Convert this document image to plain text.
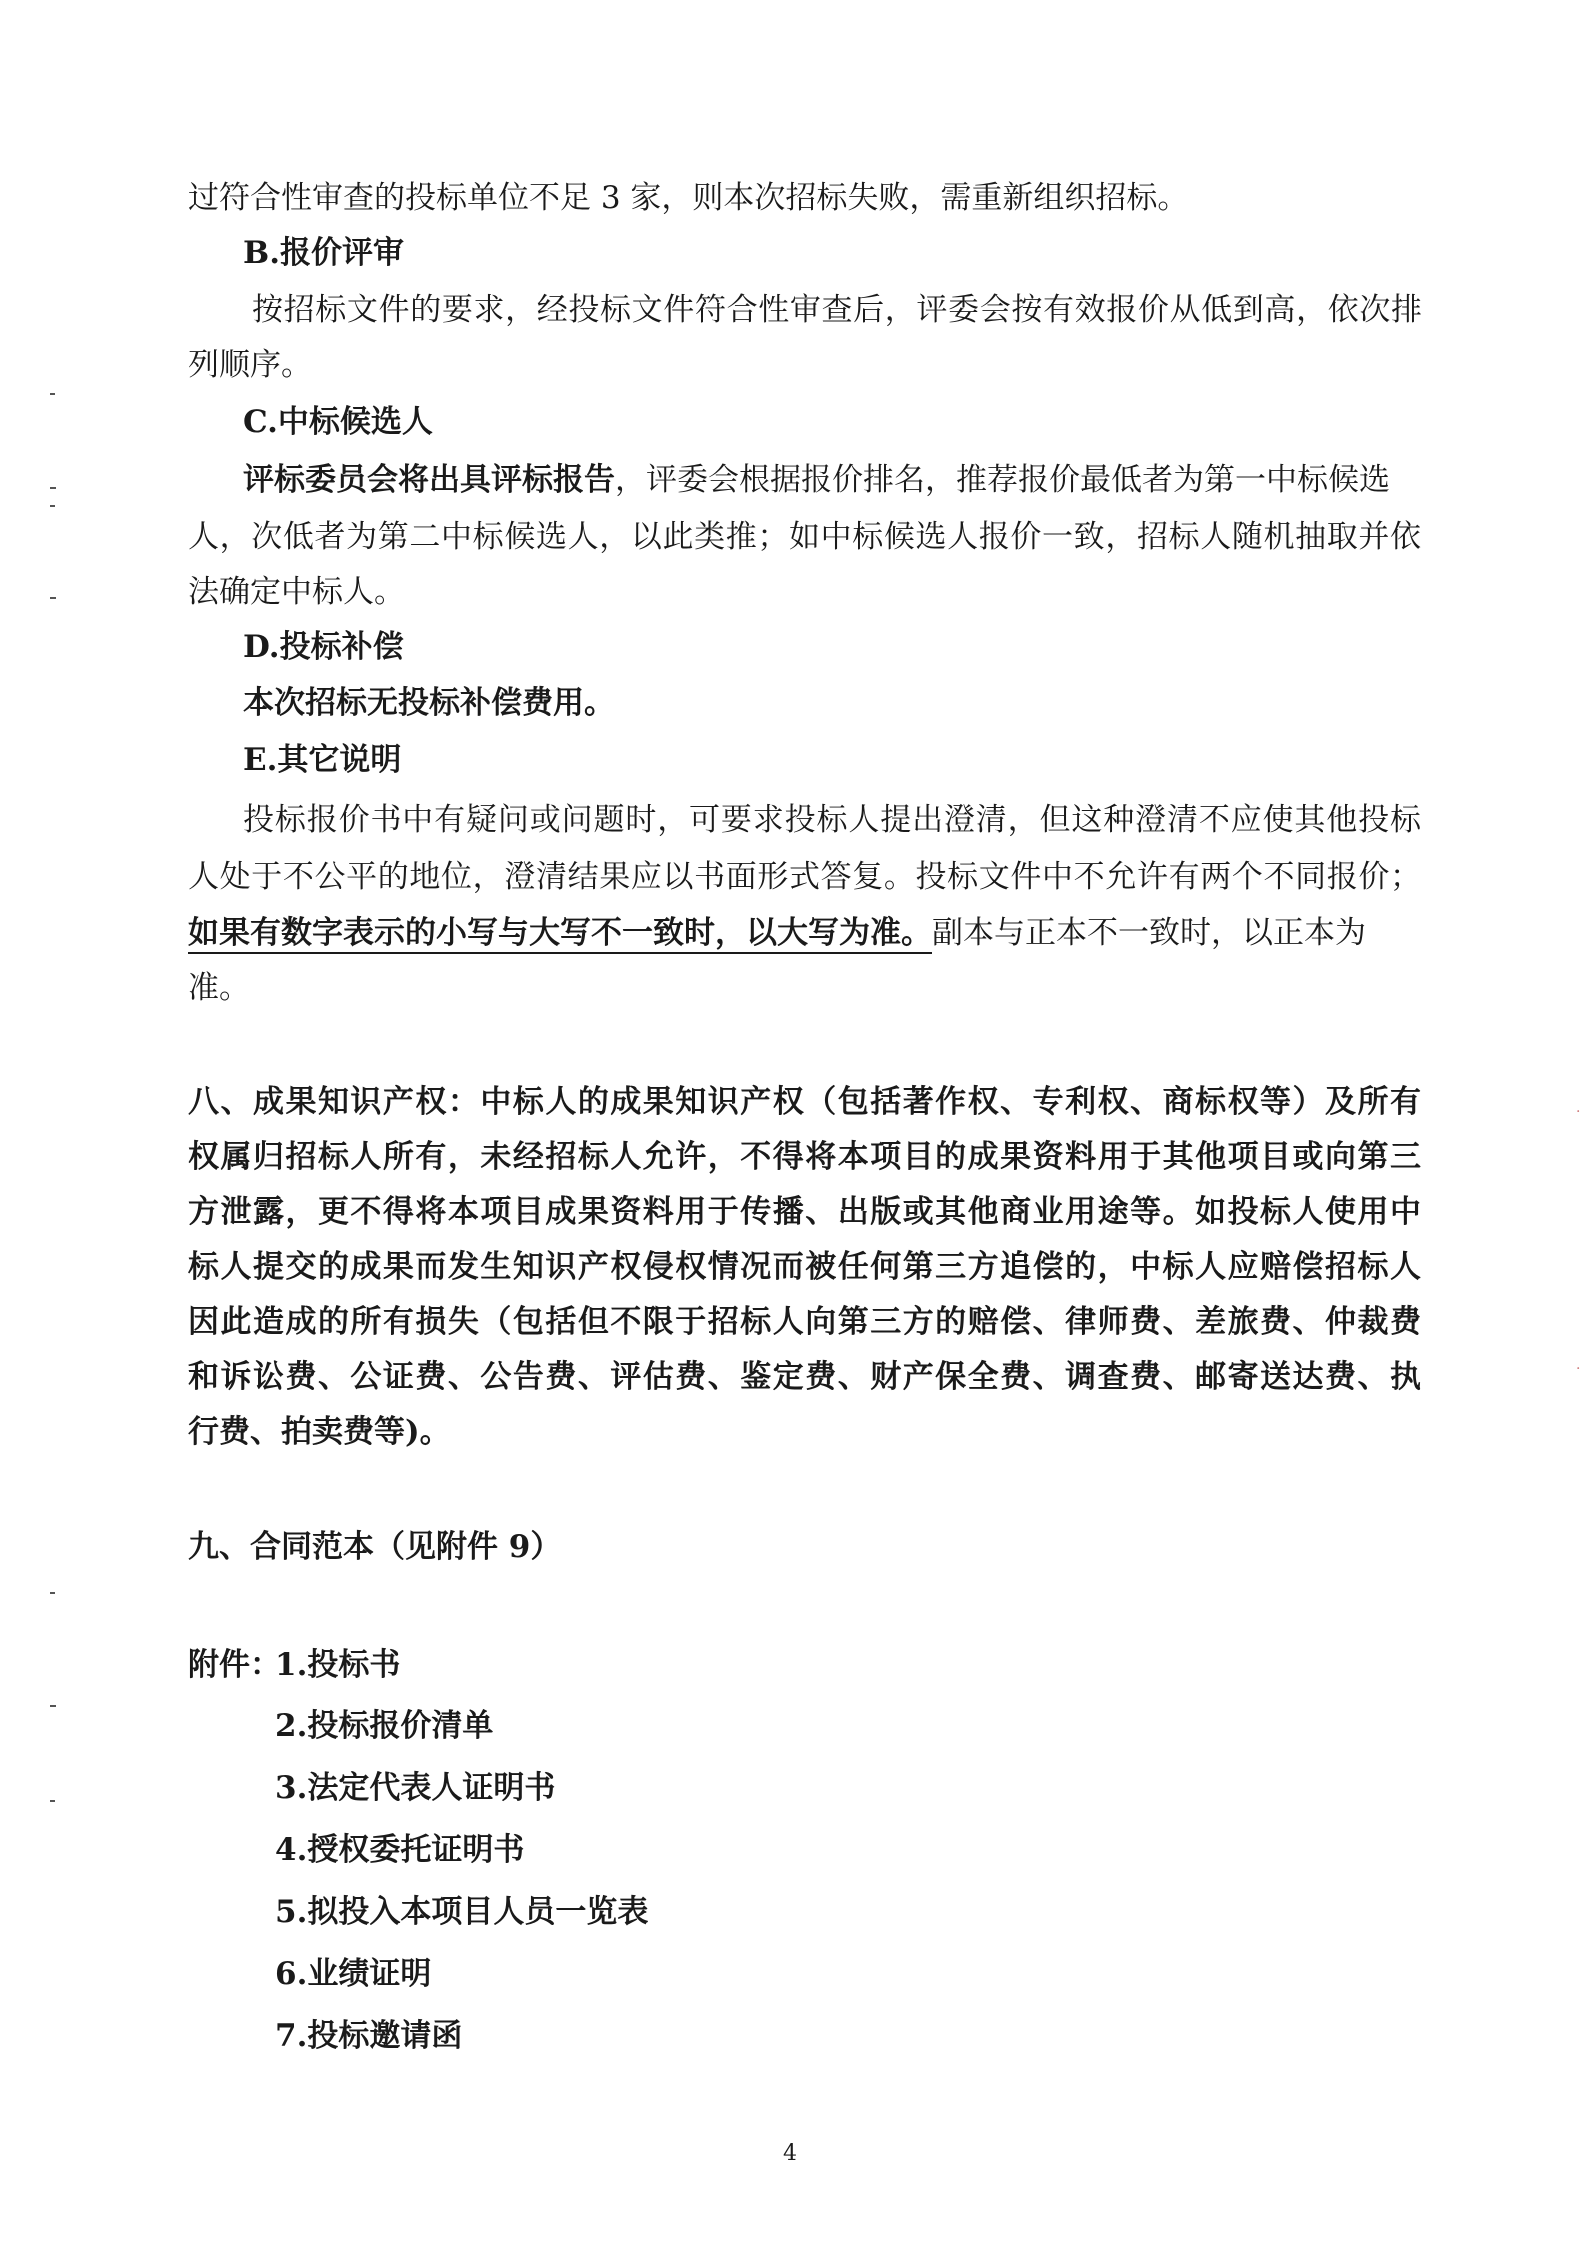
过符合性审查的投标单位不足 3 家，则本次招标失败，需重新组织招标。
B.报价评审
按招标文件的要求，经投标文件符合性审查后，评委会按有效报价从低到高，依次排
列顺序。
C.中标候选人
评标委员会将出具评标报告，评委会根据报价排名，推荐报价最低者为第一中标候选
人，次低者为第二中标候选人，以此类推；如中标候选人报价一致，招标人随机抽取并依
法确定中标人。
D.投标补偿
本次招标无投标补偿费用。
E.其它说明
投标报价书中有疑问或问题时，可要求投标人提出澄清，但这种澄清不应使其他投标
人处于不公平的地位，澄清结果应以书面形式答复。投标文件中不允许有两个不同报价；
如果有数字表示的小写与大写不一致时，以大写为准。副本与正本不一致时，以正本为
准。
八、成果知识产权：中标人的成果知识产权（包括著作权、专利权、商标权等）及所有
权属归招标人所有，未经招标人允许，不得将本项目的成果资料用于其他项目或向第三
方泄露，更不得将本项目成果资料用于传播、出版或其他商业用途等。如投标人使用中
标人提交的成果而发生知识产权侵权情况而被任何第三方追偿的，中标人应赔偿招标人
因此造成的所有损失（包括但不限于招标人向第三方的赔偿、律师费、差旅费、仲裁费
和诉讼费、公证费、公告费、评估费、鉴定费、财产保全费、调查费、邮寄送达费、执
行费、拍卖费等)。
九、合同范本（见附件 9）
附件：
1.投标书
2.投标报价清单
3.法定代表人证明书
4.授权委托证明书
5.拟投入本项目人员一览表
6.业绩证明
7.投标邀请函
4
·
·
